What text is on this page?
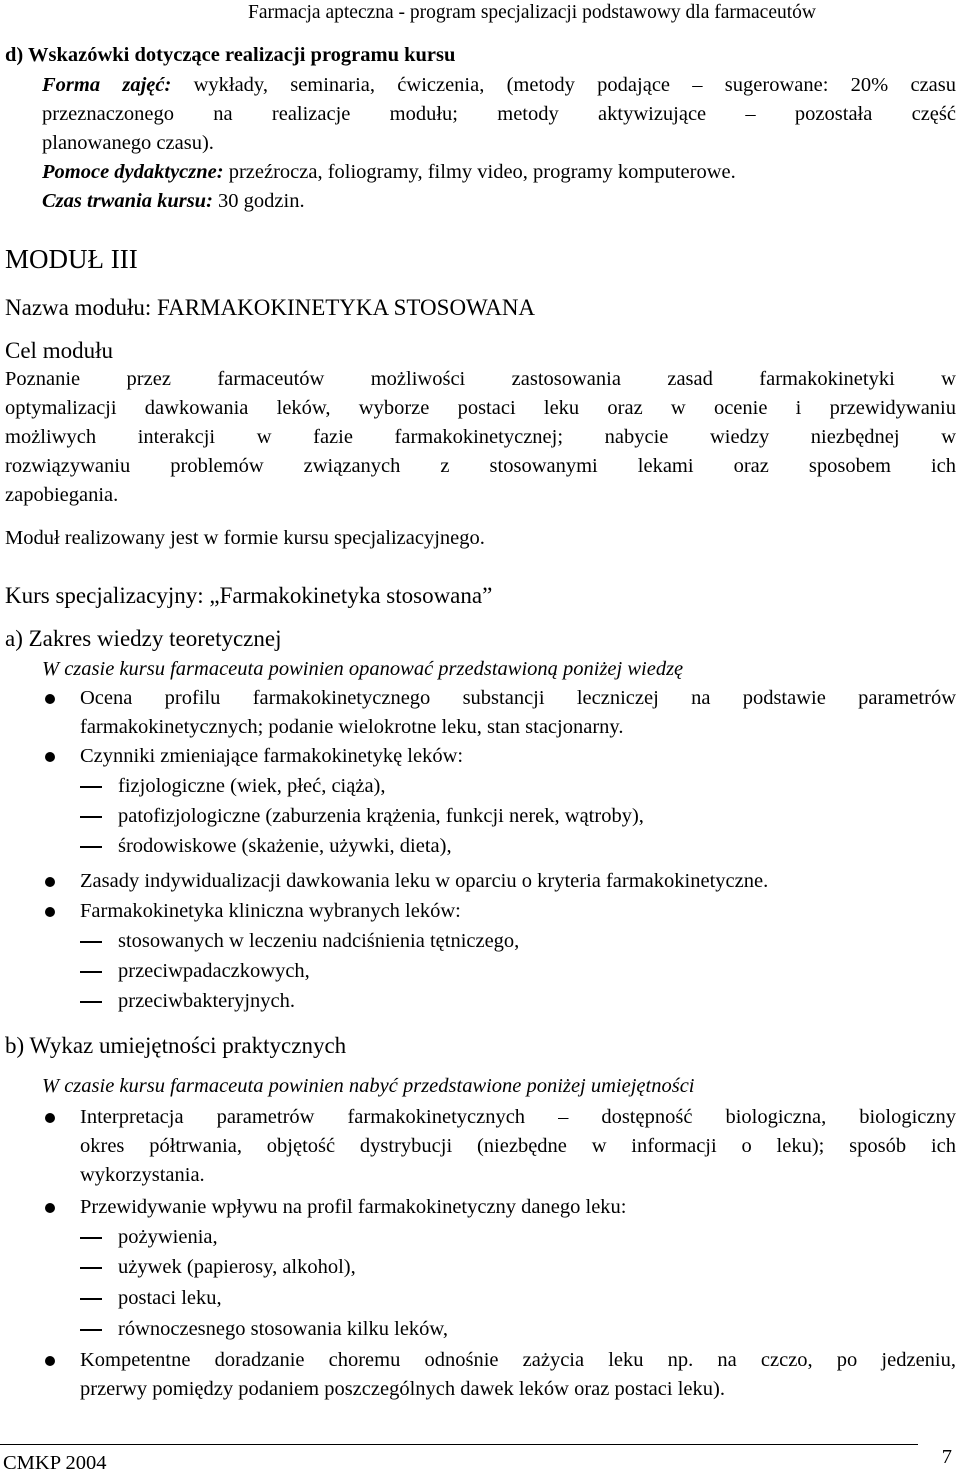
Farmacja apteczna - program specjalizacji podstawowy dla farmaceutów
d) Wskazówki dotyczące realizacji programu kursu
Forma zajęć: wykłady, seminaria, ćwiczenia, (metody podające – sugerowane: 20% czasu
przeznaczonego na realizacje modułu; metody aktywizujące – pozostała część
planowanego czasu).
Pomoce dydaktyczne: przeźrocza, foliogramy, filmy video, programy komputerowe.
Czas trwania kursu: 30 godzin.
MODUŁ III
Nazwa modułu: FARMAKOKINETYKA STOSOWANA
Cel modułu
Poznanie przez farmaceutów możliwości zastosowania zasad farmakokinetyki w
optymalizacji dawkowania leków, wyborze postaci leku oraz w ocenie i przewidywaniu
możliwych interakcji w fazie farmakokinetycznej; nabycie wiedzy niezbędnej w
rozwiązywaniu problemów związanych z stosowanymi lekami oraz sposobem ich
zapobiegania.
Moduł realizowany jest w formie kursu specjalizacyjnego.
Kurs specjalizacyjny: „Farmakokinetyka stosowana”
a) Zakres wiedzy teoretycznej
W czasie kursu farmaceuta powinien opanować przedstawioną poniżej wiedzę
Ocena profilu farmakokinetycznego substancji leczniczej na podstawie parametrów
farmakokinetycznych; podanie wielokrotne leku, stan stacjonarny.
Czynniki zmieniające farmakokinetykę leków:
fizjologiczne (wiek, płeć, ciąża),
patofizjologiczne (zaburzenia krążenia, funkcji nerek, wątroby),
środowiskowe (skażenie, używki, dieta),
Zasady indywidualizacji dawkowania leku w oparciu o kryteria farmakokinetyczne.
Farmakokinetyka kliniczna wybranych leków:
stosowanych w leczeniu nadciśnienia tętniczego,
przeciwpadaczkowych,
przeciwbakteryjnych.
b) Wykaz umiejętności praktycznych
W czasie kursu farmaceuta powinien nabyć przedstawione poniżej umiejętności
Interpretacja parametrów farmakokinetycznych – dostępność biologiczna, biologiczny
okres półtrwania, objętość dystrybucji (niezbędne w informacji o leku); sposób ich
wykorzystania.
Przewidywanie wpływu na profil farmakokinetyczny danego leku:
pożywienia,
używek (papierosy, alkohol),
postaci leku,
równoczesnego stosowania kilku leków,
Kompetentne doradzanie choremu odnośnie zażycia leku np. na czczo, po jedzeniu,
przerwy pomiędzy podaniem poszczególnych dawek leków oraz postaci leku).
CMKP 2004	7
